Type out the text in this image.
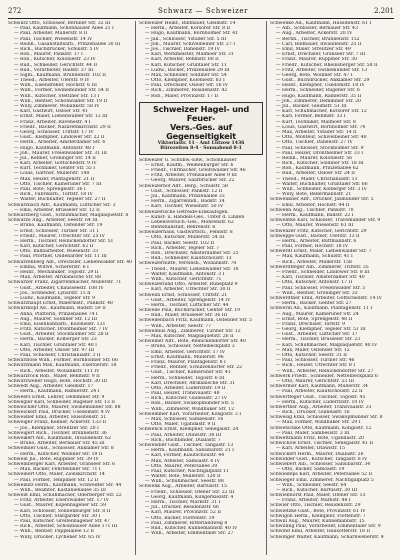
272	Schwarz — Schweizer	2.201
Schwarz Otto, Schlosser, Berliner Str. 32 III
— Paul, Kaufmann, Schönhauser Allee 21 I
— Paul, Arbeiter, Müllerstr. 8 II
— Paul, Tischler, Wiesenstr. 14 IV
— Reinh., Gasanstaltsarb., Prinzenallee 30 III
— Rich., Buchdrucker, Schulstr. 5 IV
— Rob., Maurer, Pankstr. 17 I
— Rob., Kutscher, Koloniestr. 23 IV
— Rud., Schneider, Gerichtstr. 44 II
— Rud., Vorarbeiter, Badstr. 37 III
— Sigm., Kaufmann, Brunnenstr. 102 II
— Theod., Arbeiter, Uferstr. 9 IV
— Wilh., Eisendreher, Hochstr. 6 III
— Wilh., Former, Swinemünder Str. 54 II
— Wilh., Kutscher, Stettiner Str. 13 I
— Wilh., Rentier, Schönwalder Str. 19 II
— Willy, Zimmerer, Wollankstr. 58 IV
— Karl, Gastwirt, Osloer Str. 41
— Ernst, Maler, Liebenwalder Str. 12 III
— Franz, Arbeiter, Ravenéstr. 4 I
— Friedr., Bäcker, Nazarethkirchstr. 29 II
— Georg, Schlosser, Triftstr. 17 IV
— Gust., Klempner, Lindower Str. 22 II
— Herm., Arbeiter, Amsterdamer Str. 6
— Hugo, Kaufmann, Antonstr. 48 I
— Joh., Maurer, Freienwalder Str. 31 III
— Jul., Kellner, Groninger Str. 14 II
— Karl, Arbeiter, Gottschedstr. 9 IV
— Kurt, Techniker, Genter Str. 55 I
— Louis, Gärtner, Müllerstr. 140
— Max, Heizer, Plantagenstr. 21 II
— Otto, Tischler, Kameruner Str. 7 III
— Paul, Bote, Sprengelstr. 36 I
— Rich., Fabrikarb., Torfstr. 18 IV
— Walter, Buchhalter, Tegeler Str. 27 II
Schwarzbach Alfr., Kaufmann, Lütticher Str. 3
— Emil, Arbeiter, Brüsseler Str. 12 II
Schwarzberg Gust., Schuhmacher, Malplaquetstr. 8
Schwarze Aug., Arbeiter, Seestr. 64 III
— Bruno, Kaufmann, Ostender Str. 19
— Ernst, Schlosser, Turiner Str. 31 I
— Friedr., Maurer, Utrechter Str. 25 IV
— Herm., Tischler, Reinickendorfer Str. 51
— Karl, Kutscher, Gerichtstr. 62 II
— Otto, Bahnarbeiter, Wiesenstr. 33
— Paul, Pförtner, Oudenarder Str. 11 III
Schwarzenberg Alb., Drechsler, Liebenwalder Str. 40
— Emma, Witwe, Schererstr. 6 I
— Heinr., Mechaniker, Togostr. 29 II
— Max, Arbeiter, Afrikanische Str. 88
Schwarzer Franz, Zigarrenmacher, Müllerstr. 71
— Gust., Arbeiter, Chausseestr. 108 IV
— Jos., Schneider, Lynarstr. 15 II
— Ludw., Kaufmann, Tegeler Str. 9
Schwarzhaupt Ernst, Malermstr., Pankstr. 48
Schwarzkopf Ad., Kaufmann, Badstr. 59 II
— Anna, Plätterin, Prinzenallee 74 I
— Aug., Maurer, Soldiner Str. 12 III
— Emil, Eisenbahnarb., Koloniestr. 131
— Fritz, Kutscher, Drontheimer Str. 7 IV
— Gust., Arbeiter, Stockholmer Str. 28 II
— Herm., Bäcker, Kolberger Str. 23
— Karl, Tischler, Grüntaler Str. 40 I
— Otto, Arbeiter, Osloer Str. 97 III
— Paul, Schlosser, Christianiastr. 3 II
Schwarzlose Wilh., Former, Bornholmer Str. 66
Schwarzmann Max, Kaufmann, Exerzierstr. 18
— Rich., Arbeiter, Wollankstr. 111 IV
Schwarzrock Rob., Maler, Behmstr. 9 II
Schwarzweller Hugo, Bote, Hochstr. 30 III
Schwedt Aug., Arbeiter, Gleimstr. 17
— Herm., Kaufmann, Ramlerstr. 24 I
Schweers Ernst, Lehrer, Demminer Str. 9
Schwegler Karl, Schneider, Rügener Str. 13 II
Schweichler Otto, Maurer, Swinemünder Str. 88
Schweickert Paul, Drucker, Usedomstr. 4 IV
Schweidler Emil, Arbeiter, Hussitenstr. 51
Schweiger Franz, Kellner, Ackerstr. 133 II
— Jos., Klempner, Strelitzer Str. 20 I
Schweigert Rich., Tischler, Brunnenstr. 36
Schweikert Alb., Kaufmann, Invalidenstr. 62
— Bruno, Arbeiter, Bernauer Str. 45 III
Schweimler Gust., Schlosser, Anklamer Str. 8
— Herm., Kutscher, Wolliner Str. 19 II
Schwein Jul., Bote, Ruppiner Str. 39 IV
Schweinberger Karl, Arbeiter, Granseer Str. 6
— Max, Bäcker, Fehrbelliner Str. 71 I
Schweinert Otto, Maler, Zionskirchstr. 14
— Paul, Former, Templiner Str. 12 II
Schweinitz Herm., Kaufmann, Schwedter Str. 44
— Wilh., Beamter, Kastanienallee 35 III
Schweiß Emil, Schuhmacher, Oderberger Str. 22
— Fritz, Arbeiter, Eberswalder Str. 17 IV
— Gust., Maurer, Kopenhagener Str. 59
— Karl, Schlosser, Sonnenburger Str. 8 II
— Otto, Tischler, Stargarder Str. 30 I
— Paul, Kutscher, Greifenhagener Str. 47
— Rich., Arbeiter, Schönhauser Allee 171 III
— Wilh., Rentier, Pappelallee 12 II
— Willy, Drucker, Lychener Str. 65 IV
Schweizer Heinr., Bildhauer, Gleimstr. 14
— Herm., Arbeiter, Korsörer Str. 8 II
— Hugo, Kaufmann, Bornholmer Str. 41
— Jak., Schlosser, Ystader Str. 5 III
— Joh., Maurer, Schivelbeiner Str. 27 I
— Jos., Tischler, Dänenstr. 19 IV
— Karl, Werkmeister, Malmöer Str. 31
— Karl, Arbeiter, Behmstr. 60 II
— Karl, Kutscher, Grüntaler Str. 11
— Ludw., Bäcker, Prinzenallee 29 III
— Max, Schneider, Soldiner Str. 54
— Otto, Klempner, Koloniestr. 83 I
— Paul, Drechsler, Osloer Str. 16 IV
— Rich., Zimmerer, Residenzstr. 42
— Rob., Maler, Provinzstr. 17 II
Schweizer Hagel- und Feuer-
Vers.-Ges. auf Gegenseitigkeit
Viktoriastr. 11 · Amt Lützow 1436
Bürozeiten 8-4 · Sonnabend 8-1
Schweizer G. Schuhw.-Eßw., Schönhauser
— Ernst, Kaufm., Weißenburger Str. 6
— Friedr., Uhrmacher, Greifswalder Str. 46
— Fritz, Arbeiter, Prenzlauer Allee 9 III
— Georg, Maurer, Saarbrücker Str. 22
Schweizerhof Alfr., Berg., Schulstr. 58
— Gust., Schlosser, Pankstr. 12 II
— Jul., Kaufmann, Prinzenallee 33
— Herm., Zigarrenhdl., Badstr. 14
— Karl, Tischler, Wiesenstr. 50 IV
Schweizerische Getreide-Einkaufsgen.
— Kunst- u. Handels-Ges., Unter d. Linden
— Lebensversich.-Ges., Mohrenstr. 62
— Rentenanstalt, Behrenstr. 6
Schweizerhaus, Gastwirtsch., Fennstr. 8
— Otto, Kutscher, Müllerstr. 54 III
— Paul, Bäcker, Seestr. 102 II
— Rich., Arbeiter, Tegeler Str. 7
— Rob., Drechsler, Amsterdamer Str. 25
— Rud., Schneider, Kiautschoustr. 13
Schweizerhütte, Vereinsh., Wollankstr. 70
— Theod., Maurer, Liebenwalder Str. 18
— Walter, Kaufmann, Antonstr. 3 I
— Wilh., Kutscher, Gerichtstr. 71
Schweizerland Otto, Arbeiter, Ruheplatz 9
— Karl, Arbeiter, Utrechter Str. 30 II
Schwelin Ernst, Schlosser, Triftstr. 21
— Gust., Arbeiter, Sprengelstr. 14 IV
— Herm., Tischler, Lütticher Str. 44
Schwelle Paul, Buchdrucker, Genter Str. 19
— Rud., Maler, Brüsseler Str. 36 III
Schwellenbach Fritz, Kaufmann, Ostender Str. 5
— Wilh., Arbeiter, Seestr. 77
Schwellnus Aug., Zimmerer, Turiner Str. 12
— Max, Kutscher, Malplaquetstr. 26 II
Schwemer Alfr., Bote, Reinickendorfer Str. 40
— Bruno, Schlosser, Nettelbeckplatz 3
— Emil, Arbeiter, Gerichtstr. 17 IV
— Ernst, Kaufmann, Müllerstr. 96
— Franz, Maurer, Plantagenstr. 8 I
— Friedr., Rentier, Schulzendorfer Str. 22
— Gust., Tischler, Kameruner Str. 41
— Herm., Schneider, Togostr. 6 III
— Karl, Drechsler, Afrikanische Str. 31
— Otto, Arbeiter, Lüderitzstr. 19 II
— Paul, Heizer, Transvaalstr. 48
— Rich., Kutscher, Guineastr. 27 IV
— Rob., Bäcker, Swakopmunder Str. 5
— Wilh., Zimmerer, Windhuker Str. 12
Schwemmer Karl, Vorarbeiter, Kongostr. 3 I
— Max, Schlosser, Sambesistr. 16
— Otto, Maler, Ugandastr. 9 II
Schwenck Ernst, Klempner, Senegalstr. 24
— Paul, Arbeiter, Otawistr. 38 III
— Rich., Buchbinder, Dualastr. 7
Schwendler Gust., Tischler, Tangastr. 13
— Herm., Kaufmann, Sansibarstr. 21 I
— Karl, Former, Kiautschoustr. 44
— Max, Arbeiter, Samoastr. 6 IV
— Otto, Maurer, Petersallee 30
— Paul, Kutscher, Nachtigalplatz 11
— Walter, Bote, Müllerstr. 120 II
— Wilh., Schuhmacher, Seestr. 88
Schwenk Aug., Arbeiter, Barfusstr. 15
— Friedr., Schlosser, Ofener Str. 22 III
— Georg, Kaufmann, Kungerkiezstr. 4
— Herm., Tischler, Markstr. 31 I
— Jul., Drucker, Residenzstr. 66
— Karl, Maurer, Provinzstr. 52 II
— Otto, Bäcker, Flottenstr. 19
— Paul, Zimmerer, Ritterlandweg 8
— Rud., Kutscher, Kühnemannstr. 40 IV
— Wilh., Arbeiter, Emmentaler Str. 27
Schwenke Ad., Kaufmann, Hussitenstr. 61 I
— Alb., Schlosser, Bernauer Str. 43
— Aug., Arbeiter, Ackerstr. 20 IV
— Bernh., Tischler, Brunnenstr. 152
— Carl, Bildhauer, Invalidenstr. 25 II
— Emil, Maler, Strelitzer Str. 49
— Ernst, Drechsler, Granseer Str. 7 III
— Franz, Maurer, Ruppiner Str. 30
— Friedr., Kutscher, Rheinsberger Str. 58 II
— Fritz, Arbeiter, Swinemünder Str. 13
— Georg, Bote, Wolliner Str. 47 I
— Gust., Buchdrucker, Anklamer Str. 29
— Heinr., Klempner, Usedomstr. 18 IV
— Herm., Schneider, Rügener Str. 6
— Hugo, Kaufmann, Ramlerstr. 35 II
— Joh., Zimmerer, Demminer Str. 20
— Jul., Bäcker, Gleimstr. 51 III
— Karl, Schuhmacher, Korsörer Str. 12
— Karl, Former, Behmstr. 33 I
— Kurt, Techniker, Malmöer Str. 8
— Louis, Gastwirt, Bornholmer Str. 74
— Max, Arbeiter, Ystader Str. 14 II
— Otto, Monteur, Schivelbeiner Str. 40
— Otto, Tischler, Dänenstr. 27 IV
— Paul, Schlosser, Stockholmer Str. 9
— Paul, Heizer, Drontheimer Str. 33 I
— Reinh., Maurer, Koloniestr. 56
— Rich., Kutscher, Soldiner Str. 18 III
— Rob., Kaufmann, Prinzenallee 62
— Rud., Arbeiter, Osloer Str. 24 II
— Theod., Maler, Christianiastr. 11
— Walter, Buchhalter, Grüntaler Str. 66
— Wilh., Schneider, Kolberger Str. 3 IV
— Willy, Bote, Bellermannstr. 21
Schwenkner Alfr., Drucker, Jasmunder Str. 5
— Emil, Arbeiter, Hochstr. 44 II
Schwenn Aug., Tischler, Pankstr. 70
— Herm., Kaufmann, Badstr. 22 I
Schwentke Karl, Schlosser, Travemünder Str. 9
— Otto, Maurer, Wiesenstr. 61 III
Schwenzer Fritz, Kutscher, Gerichtstr. 29
Schweppe Gust., Bäcker, Uferstr. 13 II
— Herm., Arbeiter, Buttmannstr. 6
— Paul, Former, Hochstr. 18 IV
Schwerdt Ernst, Maler, Liebenwalder Str. 7
— Max, Kaufmann, Schulstr. 41 I
— Rich., Arbeiter, Müllerstr. 158
Schwerdtfeger Alb., Zimmerer, Triftstr. 35
— Friedr., Schneider, Lindower Str. 8 III
— Karl, Tischler, Amsterdamer Str. 40
— Otto, Kutscher, Antonstr. 17 II
— Paul, Schlosser, Freienwalder Str. 5
— Wilh., Rentier, Groninger Str. 33
Schwerdtner Emil, Arbeiter, Gottschedstr. 14 IV
— Herm., Bäcker, Genter Str. 27
Schwerin Ad., Kaufmann, Plantagenstr. 11 I
— Aug., Maurer, Kameruner Str. 24
— Ernst, Bote, Sprengelstr. 48 II
— Franz, Drechsler, Torfstr. 9
— Georg, Klempner, Tegeler Str. 51 III
— Gust., Arbeiter, Lütticher Str. 17
— Herm., Tischler, Brüsseler Str. 23
— Karl, Schuhmacher, Malplaquetstr. 40 IV
— Max, Maler, Ostender Str. 12
— Otto, Kutscher, Seestr. 31 II
— Paul, Schlosser, Turiner Str. 46
— Rich., Heizer, Utrechter Str. 8 I
— Wilh., Arbeiter, Reinickendorfer Str. 27
Schwerk Friedr., Schneider, Nettelbeckplatz 6
— Otto, Maurer, Gerichtstr. 53 III
Schwermer Karl, Kaufmann, Müllerstr. 34
— Paul, Arbeiter, Kiautschoustr. 22 II
Schwertfeger Gust., Tischler, Togostr. 45
— Herm., Kutscher, Lüderitzstr. 10 IV
Schwertner Aug., Arbeiter, Transvaalstr. 31
— Rich., Drucker, Guineastr. 16
Schwesig Emil, Schlosser, Swakopmunder Str. 8
— Max, Former, Windhuker Str. 29 I
Schwetschke Otto, Kaufmann, Kongostr. 12
— Paul, Maler, Sambesistr. 3 III
Schwettmann Fritz, Bote, Ugandastr. 20
Schwichow Ernst, Tischler, Senegalstr. 41 II
— Karl, Arbeiter, Otawistr. 15
Schwickert Herm., Maurer, Dualastr. 26
Schwidder Gust., Kutscher, Tangastr. 8 IV
Schwiebert Alb., Schlosser, Sansibarstr. 34
— Otto, Bäcker, Samoastr. 19
Schwiedeps Karl, Arbeiter, Petersallee 52 II
Schwieger Emil, Zimmerer, Nachtigalplatz 5
— Wilh., Schneider, Seestr. 64
— Rich., Kutscher, Barfusstr. 30 III
Schwienhorst Paul, Maler, Ofener Str. 13
— Franz, Arbeiter, Markstr. 48 I
Schwier Otto, Tischler, Residenzstr. 29
Schwietzke Gust., Bote, Provinzstr. 61 IV
Schwigon Herm., Klempner, Flottenstr. 7
Schwill Aug., Maurer, Kühnemannstr. 15
Schwilling Paul, Vorarbeiter, Emmentaler Str. 9
Schwind Emil, Arbeiter, Hausotterstr. 18 II
Schwinger Walter, Kaufmann, Scharnweberstr. 4
